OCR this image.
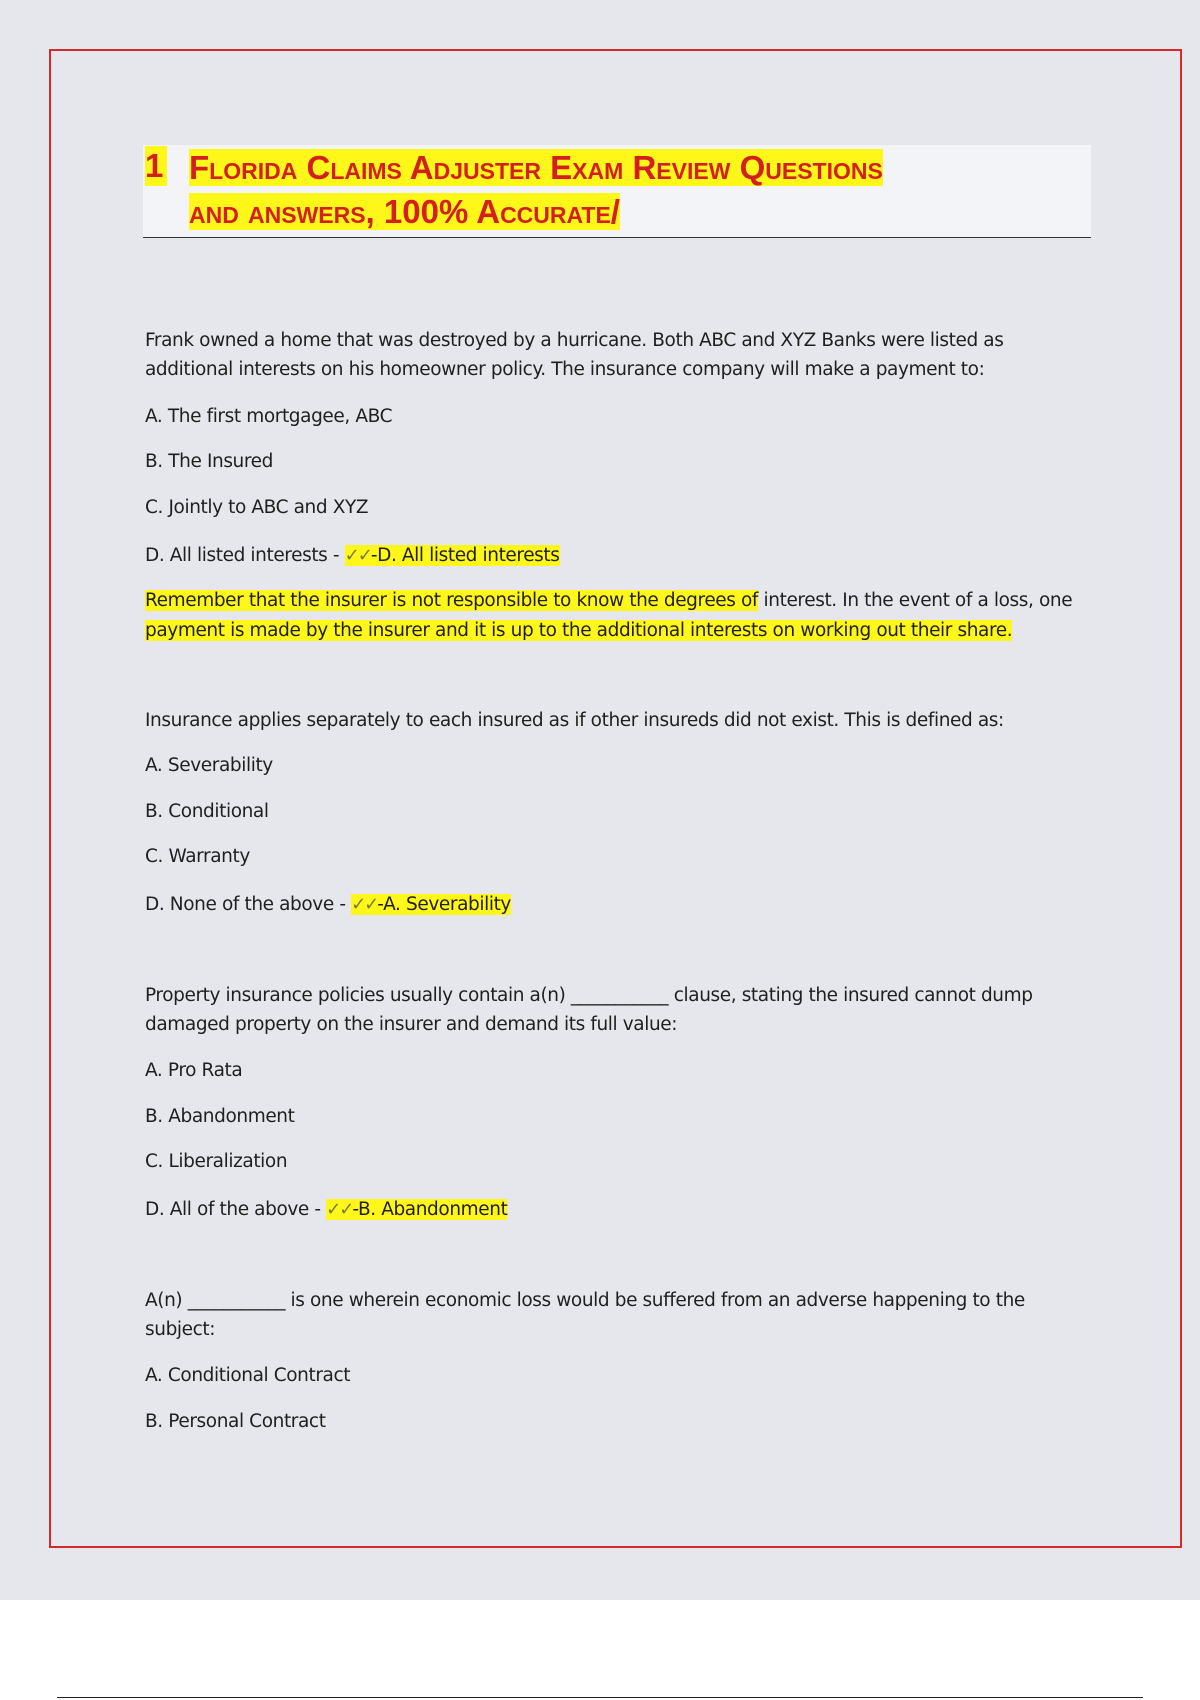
1 Florida Claims Adjuster Exam Review Questions
and answers, 100% Accurate/
Frank owned a home that was destroyed by a hurricane. Both ABC and XYZ Banks were listed as
additional interests on his homeowner policy. The insurance company will make a payment to:
A. The first mortgagee, ABC
B. The Insured
C. Jointly to ABC and XYZ
D. All listed interests - ✓✓-D. All listed interests
Remember that the insurer is not responsible to know the degrees of interest. In the event of a loss, one
payment is made by the insurer and it is up to the additional interests on working out their share.
Insurance applies separately to each insured as if other insureds did not exist. This is defined as:
A. Severability
B. Conditional
C. Warranty
D. None of the above - ✓✓-A. Severability
Property insurance policies usually contain a(n) ___________ clause, stating the insured cannot dump
damaged property on the insurer and demand its full value:
A. Pro Rata
B. Abandonment
C. Liberalization
D. All of the above - ✓✓-B. Abandonment
A(n) ___________ is one wherein economic loss would be suffered from an adverse happening to the
subject:
A. Conditional Contract
B. Personal Contract
